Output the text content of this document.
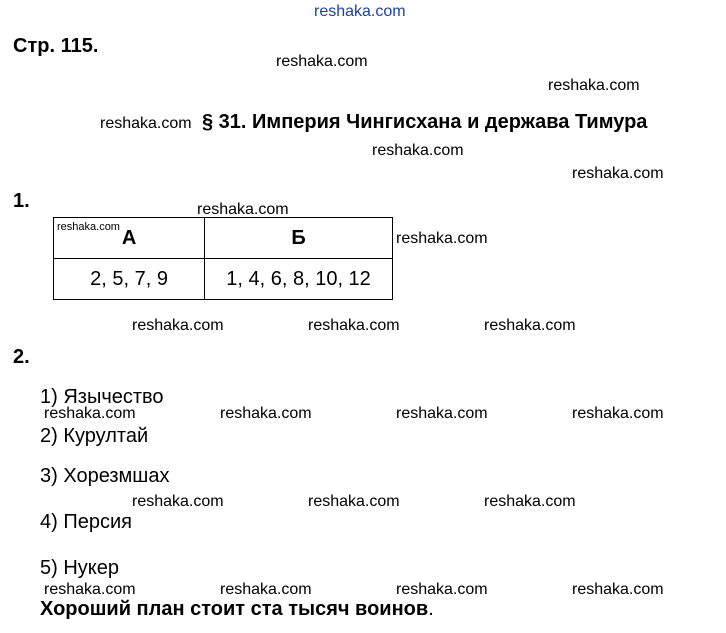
reshaka.com
Стр. 115.
reshaka.com
reshaka.com
reshaka.com § 31. Империя Чингисхана и держава Тимура
reshaka.com
reshaka.com
1.	reshaka.com
А	Б
2, 5, 7, 9	1, 4, 6, 8, 10, 12
reshaka.com
reshaka.com
reshaka.com	reshaka.com	reshaka.com
2.
1) Язычество
reshaka.com	reshaka.com	reshaka.com	reshaka.com
2) Курултай
3) Хорезмшах
reshaka.com	reshaka.com	reshaka.com
4) Персия
5) Нукер
reshaka.com	reshaka.com	reshaka.com	reshaka.com
Хороший план стоит ста тысяч воинов.
